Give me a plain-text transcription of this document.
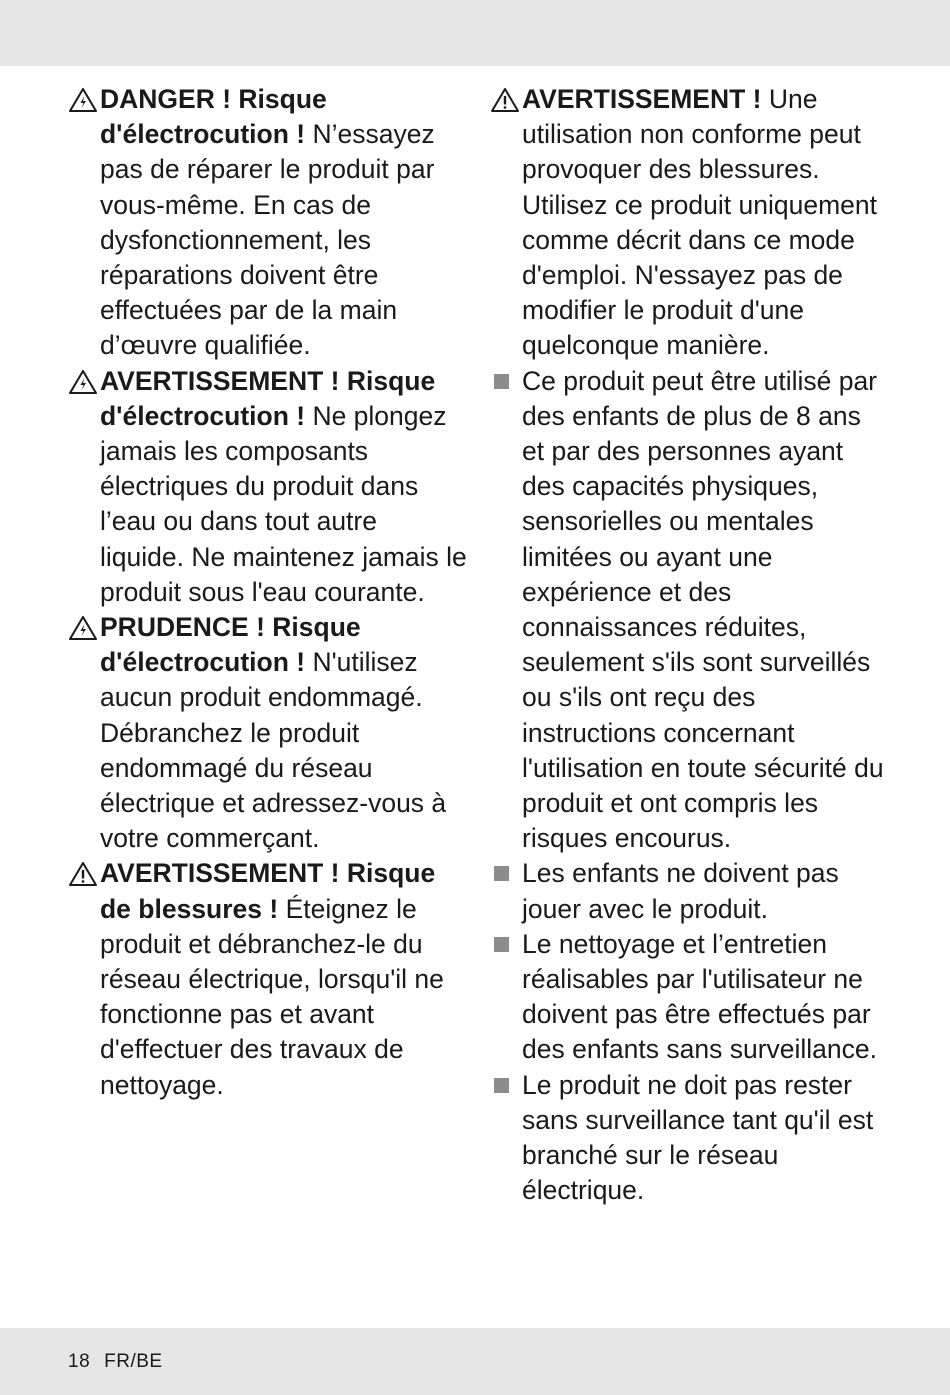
DANGER ! Risque d'électrocution ! N’essayez pas de réparer le produit par vous-même. En cas de dysfonctionnement, les réparations doivent être effectuées par de la main d’œuvre qualifiée.
AVERTISSEMENT ! Risque d'électrocution ! Ne plongez jamais les composants électriques du produit dans l’eau ou dans tout autre liquide. Ne maintenez jamais le produit sous l'eau courante.
PRUDENCE ! Risque d'électrocution ! N'utilisez aucun produit endommagé. Débranchez le produit endommagé du réseau électrique et adressez-vous à votre commerçant.
AVERTISSEMENT ! Risque de blessures ! Éteignez le produit et débranchez-le du réseau électrique, lorsqu'il ne fonctionne pas et avant d'effectuer des travaux de nettoyage.
AVERTISSEMENT ! Une utilisation non conforme peut provoquer des blessures. Utilisez ce produit uniquement comme décrit dans ce mode d'emploi. N'essayez pas de modifier le produit d'une quelconque manière.
Ce produit peut être utilisé par des enfants de plus de 8 ans et par des personnes ayant des capacités physiques, sensorielles ou mentales limitées ou ayant une expérience et des connaissances réduites, seulement s'ils sont surveillés ou s'ils ont reçu des instructions concernant l'utilisation en toute sécurité du produit et ont compris les risques encourus.
Les enfants ne doivent pas jouer avec le produit.
Le nettoyage et l’entretien réalisables par l'utilisateur ne doivent pas être effectués par des enfants sans surveillance.
Le produit ne doit pas rester sans surveillance tant qu'il est branché sur le réseau électrique.
18 FR/BE
